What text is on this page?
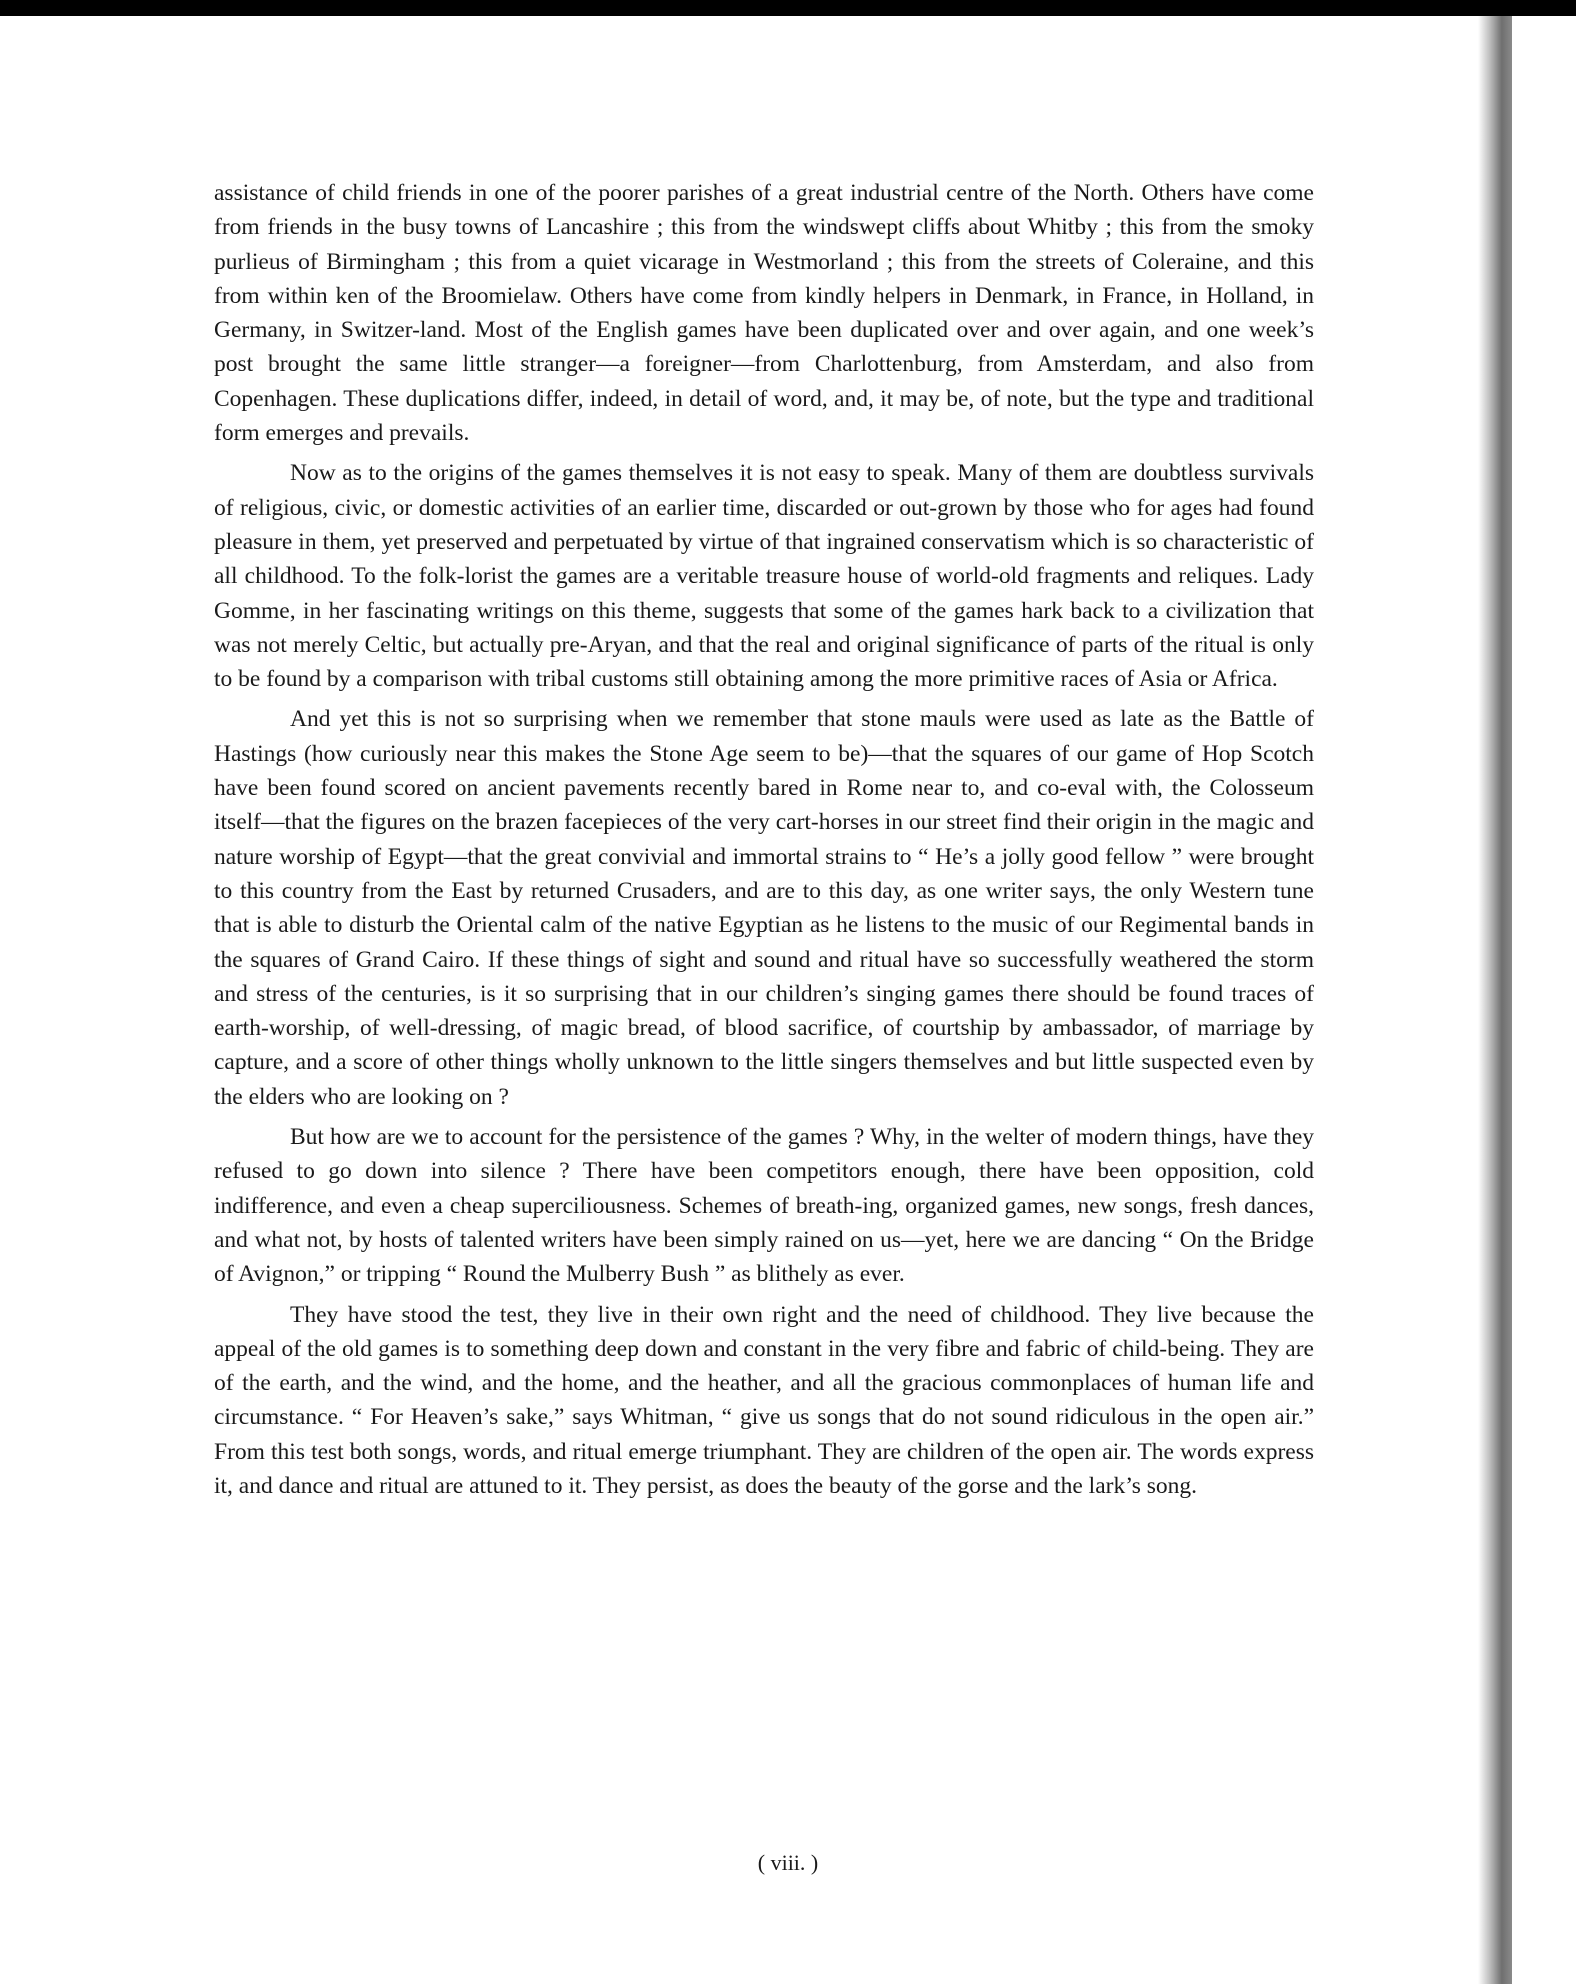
assistance of child friends in one of the poorer parishes of a great industrial centre of the North. Others have come from friends in the busy towns of Lancashire ; this from the windswept cliffs about Whitby ; this from the smoky purlieus of Birmingham ; this from a quiet vicarage in Westmorland ; this from the streets of Coleraine, and this from within ken of the Broomielaw. Others have come from kindly helpers in Denmark, in France, in Holland, in Germany, in Switzer-land. Most of the English games have been duplicated over and over again, and one week’s post brought the same little stranger—a foreigner—from Charlottenburg, from Amsterdam, and also from Copenhagen. These duplications differ, indeed, in detail of word, and, it may be, of note, but the type and traditional form emerges and prevails.

Now as to the origins of the games themselves it is not easy to speak. Many of them are doubtless survivals of religious, civic, or domestic activities of an earlier time, discarded or out-grown by those who for ages had found pleasure in them, yet preserved and perpetuated by virtue of that ingrained conservatism which is so characteristic of all childhood. To the folk-lorist the games are a veritable treasure house of world-old fragments and reliques. Lady Gomme, in her fascinating writings on this theme, suggests that some of the games hark back to a civilization that was not merely Celtic, but actually pre-Aryan, and that the real and original significance of parts of the ritual is only to be found by a comparison with tribal customs still obtaining among the more primitive races of Asia or Africa.

And yet this is not so surprising when we remember that stone mauls were used as late as the Battle of Hastings (how curiously near this makes the Stone Age seem to be)—that the squares of our game of Hop Scotch have been found scored on ancient pavements recently bared in Rome near to, and co-eval with, the Colosseum itself—that the figures on the brazen facepieces of the very cart-horses in our street find their origin in the magic and nature worship of Egypt—that the great convivial and immortal strains to “ He’s a jolly good fellow ” were brought to this country from the East by returned Crusaders, and are to this day, as one writer says, the only Western tune that is able to disturb the Oriental calm of the native Egyptian as he listens to the music of our Regimental bands in the squares of Grand Cairo. If these things of sight and sound and ritual have so successfully weathered the storm and stress of the centuries, is it so surprising that in our children’s singing games there should be found traces of earth-worship, of well-dressing, of magic bread, of blood sacrifice, of courtship by ambassador, of marriage by capture, and a score of other things wholly unknown to the little singers themselves and but little suspected even by the elders who are looking on ?

But how are we to account for the persistence of the games ? Why, in the welter of modern things, have they refused to go down into silence ? There have been competitors enough, there have been opposition, cold indifference, and even a cheap superciliousness. Schemes of breath-ing, organized games, new songs, fresh dances, and what not, by hosts of talented writers have been simply rained on us—yet, here we are dancing “ On the Bridge of Avignon,” or tripping “ Round the Mulberry Bush ” as blithely as ever.

They have stood the test, they live in their own right and the need of childhood. They live because the appeal of the old games is to something deep down and constant in the very fibre and fabric of child-being. They are of the earth, and the wind, and the home, and the heather, and all the gracious commonplaces of human life and circumstance. “ For Heaven’s sake,” says Whitman, “ give us songs that do not sound ridiculous in the open air.” From this test both songs, words, and ritual emerge triumphant. They are children of the open air. The words express it, and dance and ritual are attuned to it. They persist, as does the beauty of the gorse and the lark’s song.

( viii. )
